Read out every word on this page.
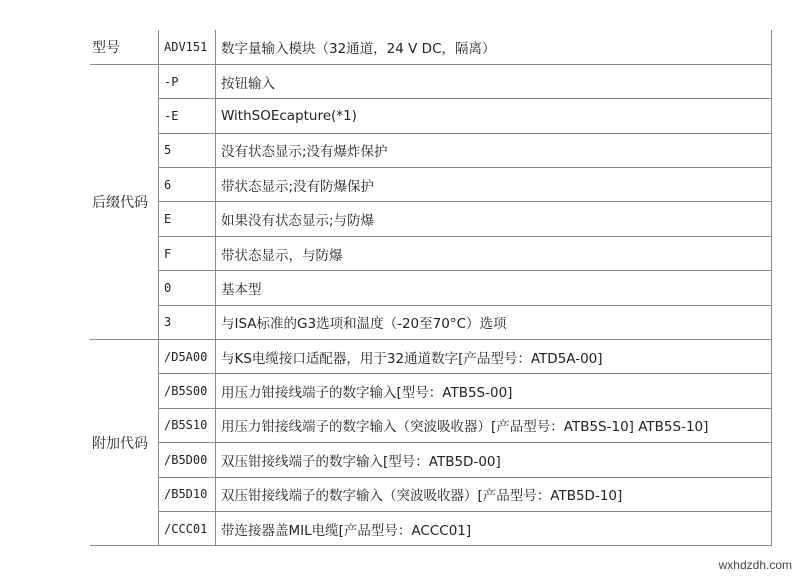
型号	ADV151	数字量输入模块（32通道，24 V DC，隔离）
后缀代码	-P	按钮输入
	-E	WithSOEcapture(*1)
	5	没有状态显示;没有爆炸保护
	6	带状态显示;没有防爆保护
	E	如果没有状态显示;与防爆
	F	带状态显示，与防爆
	0	基本型
	3	与ISA标准的G3选项和温度（-20至70°C）选项
附加代码	/D5A00	与KS电缆接口适配器，用于32通道数字[产品型号：ATD5A-00]
	/B5S00	用压力钳接线端子的数字输入[型号：ATB5S-00]
	/B5S10	用压力钳接线端子的数字输入（突波吸收器）[产品型号：ATB5S-10] ATB5S-10]
	/B5D00	双压钳接线端子的数字输入[型号：ATB5D-00]
	/B5D10	双压钳接线端子的数字输入（突波吸收器）[产品型号：ATB5D-10]
	/CCC01	带连接器盖MIL电缆[产品型号：ACCC01]
wxhdzdh.com
